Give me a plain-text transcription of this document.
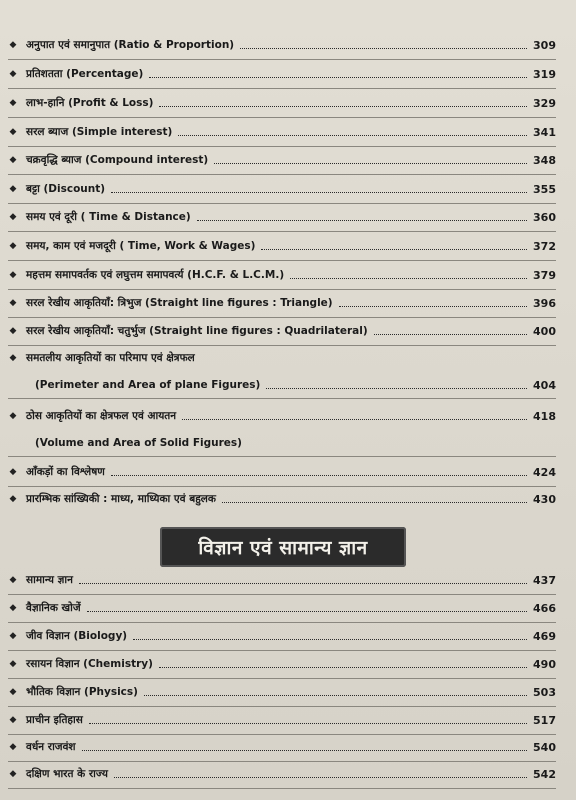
◆ अनुपात एवं समानुपात (Ratio & Proportion)	309
◆ प्रतिशतता (Percentage)	319
◆ लाभ-हानि (Profit & Loss)	329
◆ सरल ब्याज (Simple interest)	341
◆ चक्रवृद्धि ब्याज (Compound interest)	348
◆ बट्टा (Discount)	355
◆ समय एवं दूरी ( Time & Distance)	360
◆ समय, काम एवं मजदूरी ( Time, Work & Wages)	372
◆ महत्तम समापवर्तक एवं लघुत्तम समापवर्त्य (H.C.F. & L.C.M.)	379
◆ सरल रेखीय आकृतियाँ: त्रिभुज (Straight line figures : Triangle)	396
◆ सरल रेखीय आकृतियाँ: चतुर्भुज (Straight line figures : Quadrilateral)	400
◆ समतलीय आकृतियों का परिमाप एवं क्षेत्रफल
(Perimeter and Area of plane Figures)	404
◆ ठोस आकृतियों का क्षेत्रफल एवं आयतन	418
(Volume and Area of Solid Figures)
◆ आँकड़ों का विश्लेषण	424
◆ प्रारम्भिक सांख्यिकी : माध्य, माध्यिका एवं बहुलक	430
विज्ञान एवं सामान्य ज्ञान
◆ सामान्य ज्ञान	437
◆ वैज्ञानिक खोजें	466
◆ जीव विज्ञान (Biology)	469
◆ रसायन विज्ञान (Chemistry)	490
◆ भौतिक विज्ञान (Physics)	503
◆ प्राचीन इतिहास	517
◆ वर्धन राजवंश	540
◆ दक्षिण भारत के राज्य	542
